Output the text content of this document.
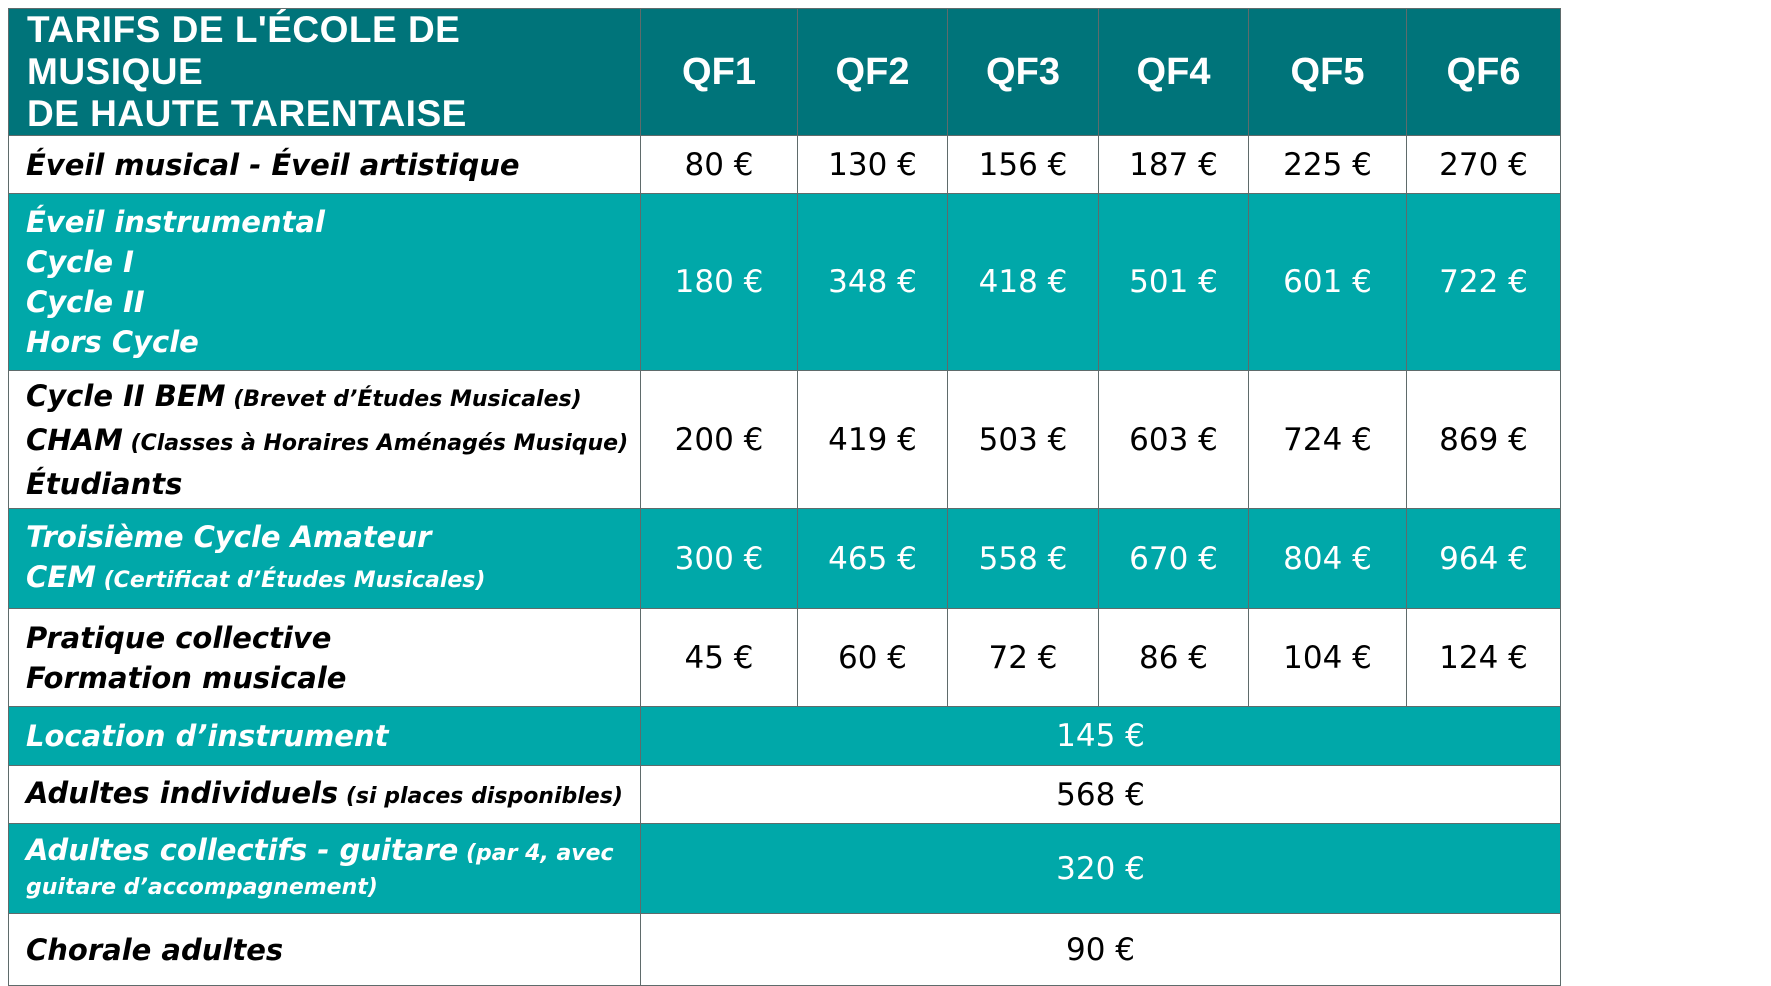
TARIFS DE L'ÉCOLE DE MUSIQUE
DE HAUTE TARENTAISE	QF1	QF2	QF3	QF4	QF5	QF6

Éveil musical - Éveil artistique	80 €	130 €	156 €	187 €	225 €	270 €

Éveil instrumental
Cycle I
Cycle II
Hors Cycle	180 €	348 €	418 €	501 €	601 €	722 €

Cycle II BEM (Brevet d’Études Musicales)
CHAM (Classes à Horaires Aménagés Musique)
Étudiants	200 €	419 €	503 €	603 €	724 €	869 €

Troisième Cycle Amateur
CEM (Certificat d’Études Musicales)	300 €	465 €	558 €	670 €	804 €	964 €

Pratique collective
Formation musicale	45 €	60 €	72 €	86 €	104 €	124 €

Location d’instrument	145 €					

Adultes individuels (si places disponibles)	568 €					

Adultes collectifs - guitare (par 4, avec guitare d’accompagnement)	320 €					

Chorale adultes	90 €					
